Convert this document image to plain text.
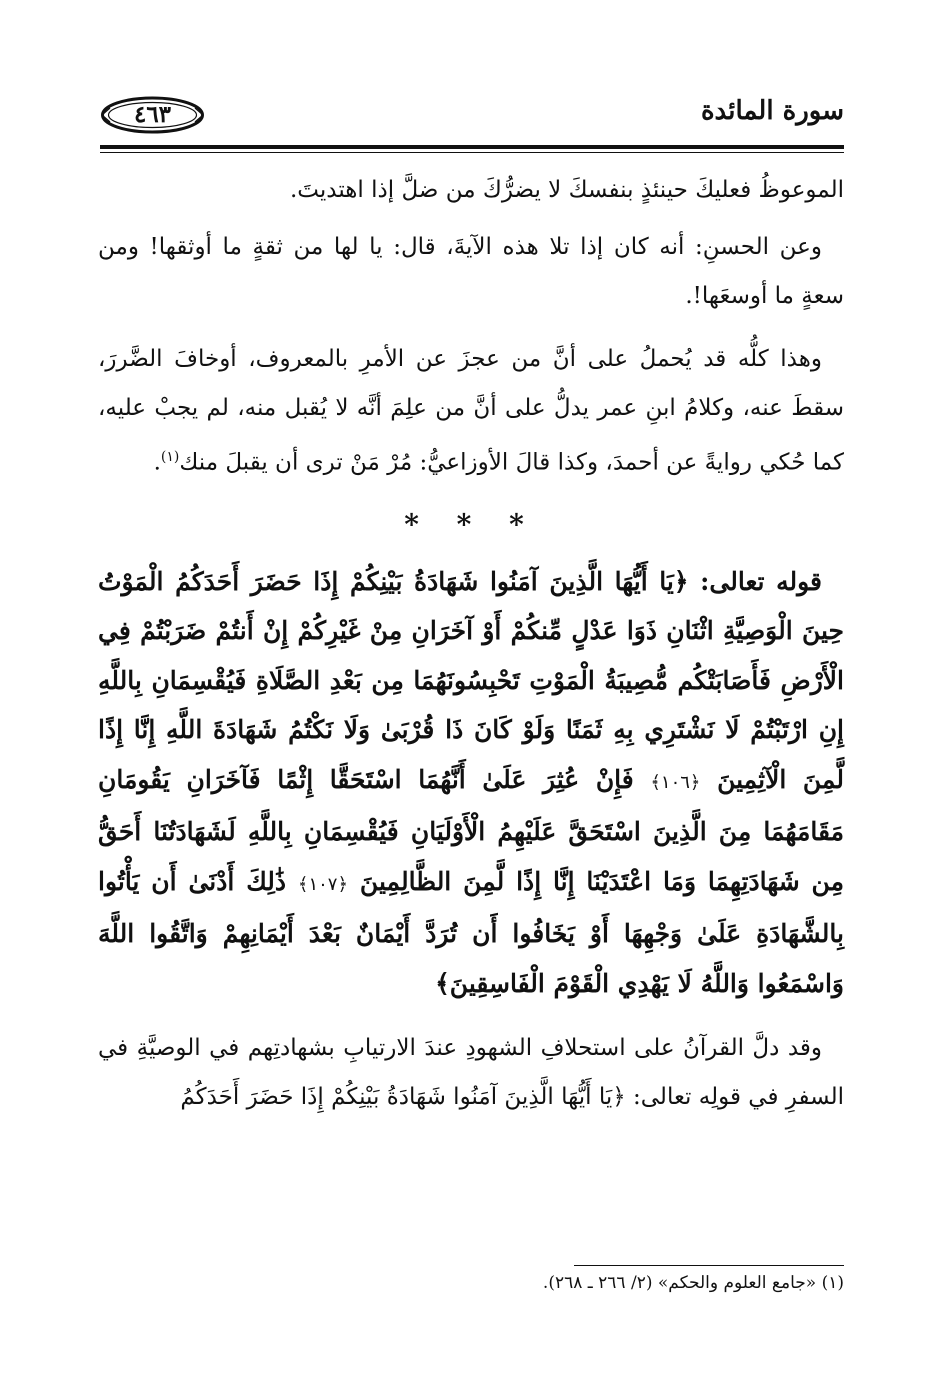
سورة المائدة
٤٦٣

الموعوظُ فعليكَ حينئذٍ بنفسكَ لا يضرُّكَ من ضلَّ إذا اهتديتَ.

وعن الحسنِ: أنه كان إذا تلا هذه الآيةَ، قال: يا لها من ثقةٍ ما أوثقها! ومن سعةٍ ما أوسعَها!.

وهذا كلُّه قد يُحملُ على أنَّ من عجزَ عن الأمرِ بالمعروف، أوخافَ الضَّررَ، سقطَ عنه، وكلامُ ابنِ عمر يدلُّ على أنَّ من علِمَ أنَّه لا يُقبل منه، لم يجبْ عليه، كما حُكي روايةً عن أحمدَ، وكذا قالَ الأوزاعيُّ: مُرْ مَنْ ترى أن يقبلَ منك$^{(١)}$.

* * *

قوله تعالى: ﴿يَا أَيُّهَا الَّذِينَ آمَنُوا شَهَادَةُ بَيْنِكُمْ إِذَا حَضَرَ أَحَدَكُمُ الْمَوْتُ حِينَ الْوَصِيَّةِ اثْنَانِ ذَوَا عَدْلٍ مِّنكُمْ أَوْ آخَرَانِ مِنْ غَيْرِكُمْ إِنْ أَنتُمْ ضَرَبْتُمْ فِي الْأَرْضِ فَأَصَابَتْكُم مُّصِيبَةُ الْمَوْتِ تَحْبِسُونَهُمَا مِن بَعْدِ الصَّلَاةِ فَيُقْسِمَانِ بِاللَّهِ إِنِ ارْتَبْتُمْ لَا نَشْتَرِي بِهِ ثَمَنًا وَلَوْ كَانَ ذَا قُرْبَىٰ وَلَا نَكْتُمُ شَهَادَةَ اللَّهِ إِنَّا إِذًا لَّمِنَ الْآثِمِينَ ﴿١٠٦﴾ فَإِنْ عُثِرَ عَلَىٰ أَنَّهُمَا اسْتَحَقَّا إِثْمًا فَآخَرَانِ يَقُومَانِ مَقَامَهُمَا مِنَ الَّذِينَ اسْتَحَقَّ عَلَيْهِمُ الْأَوْلَيَانِ فَيُقْسِمَانِ بِاللَّهِ لَشَهَادَتُنَا أَحَقُّ مِن شَهَادَتِهِمَا وَمَا اعْتَدَيْنَا إِنَّا إِذًا لَّمِنَ الظَّالِمِينَ ﴿١٠٧﴾ ذَٰلِكَ أَدْنَىٰ أَن يَأْتُوا بِالشَّهَادَةِ عَلَىٰ وَجْهِهَا أَوْ يَخَافُوا أَن تُرَدَّ أَيْمَانٌ بَعْدَ أَيْمَانِهِمْ وَاتَّقُوا اللَّهَ وَاسْمَعُوا وَاللَّهُ لَا يَهْدِي الْقَوْمَ الْفَاسِقِينَ﴾

وقد دلَّ القرآنُ على استحلافِ الشهودِ عندَ الارتيابِ بشهادتِهم في الوصيَّةِ في السفرِ في قولِه تعالى: ﴿يَا أَيُّهَا الَّذِينَ آمَنُوا شَهَادَةُ بَيْنِكُمْ إِذَا حَضَرَ أَحَدَكُمُ

(١) «جامع العلوم والحكم» (٢/ ٢٦٦ ـ ٢٦٨).
